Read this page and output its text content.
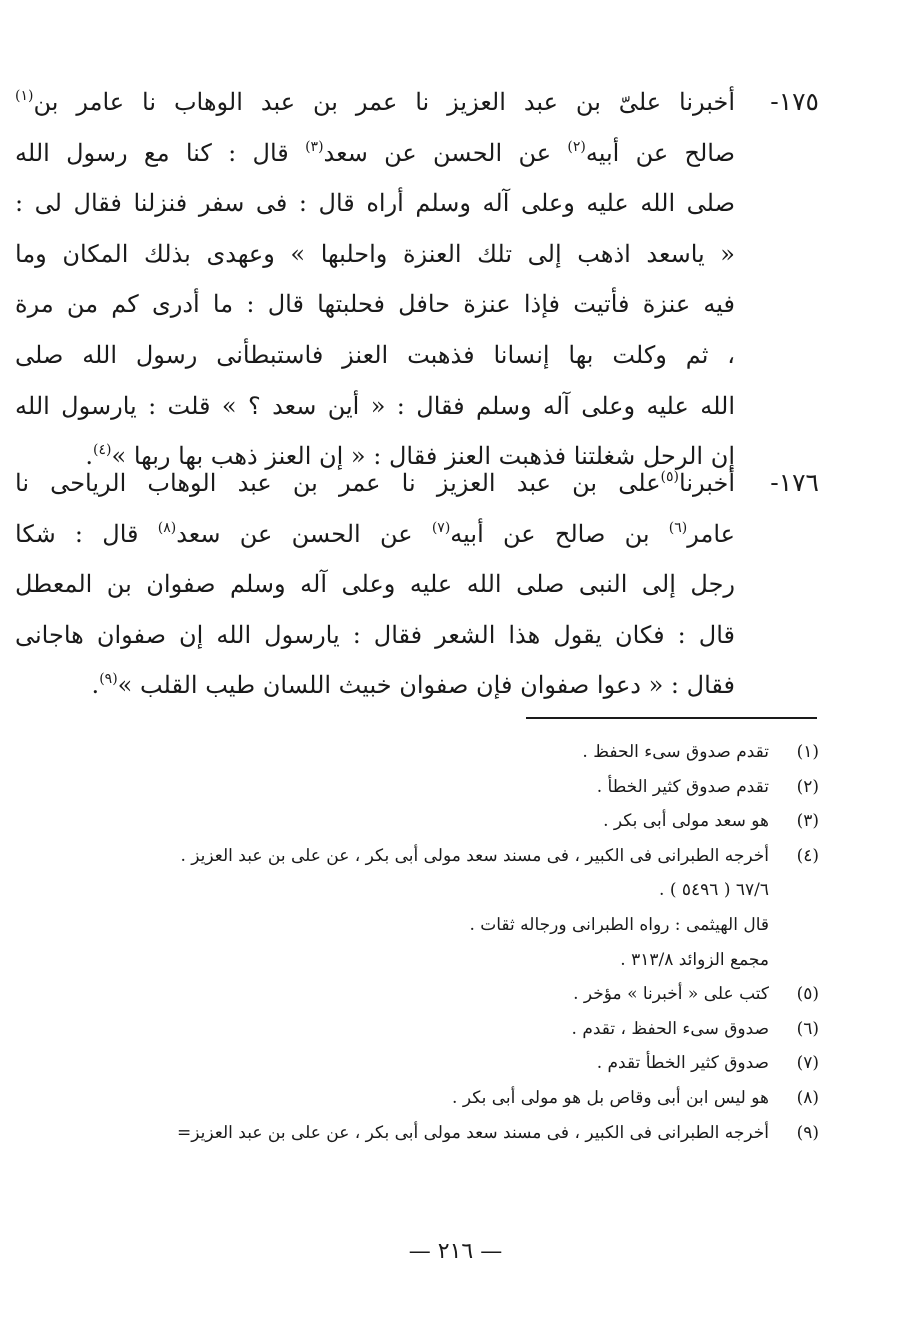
١٧٥-
أخبرنا علىّ بن عبد العزيز نا عمر بن عبد الوهاب نا عامر بن$^{(١)}$
صالح عن أبيه$^{(٢)}$ عن الحسن عن سعد$^{(٣)}$ قال : كنا مع رسول الله
صلى الله عليه وعلى آله وسلم أراه قال : فى سفر فنزلنا فقال لى :
« ياسعد اذهب إلى تلك العنزة واحلبها » وعهدى بذلك المكان وما
فيه عنزة فأتيت فإذا عنزة حافل فحلبتها قال : ما أدرى كم من مرة
، ثم وكلت بها إنسانا فذهبت العنز فاستبطأنى رسول الله صلى
الله عليه وعلى آله وسلم فقال : « أين سعد ؟ » قلت : يارسول الله
إن الرحل شغلتنا فذهبت العنز فقال : « إن العنز ذهب بها ربها »$^{(٤)}$.
١٧٦-
أخبرنا$^{(٥)}$على بن عبد العزيز نا عمر بن عبد الوهاب الرياحى نا
عامر$^{(٦)}$ بن صالح عن أبيه$^{(٧)}$ عن الحسن عن سعد$^{(٨)}$ قال : شكا
رجل إلى النبى صلى الله عليه وعلى آله وسلم صفوان بن المعطل
قال : فكان يقول هذا الشعر فقال : يارسول الله إن صفوان هاجانى
فقال : « دعوا صفوان فإن صفوان خبيث اللسان طيب القلب »$^{(٩)}$.
(١)
تقدم صدوق سىء الحفظ .
(٢)
تقدم صدوق كثير الخطأ .
(٣)
هو سعد مولى أبى بكر .
(٤)
أخرجه الطبرانى فى الكبير ، فى مسند سعد مولى أبى بكر ، عن على بن عبد العزيز .
٦٧/٦ ( ٥٤٩٦ ) .
قال الهيثمى : رواه الطبرانى ورجاله ثقات .
مجمع الزوائد ٣١٣/٨ .
(٥)
كتب على « أخبرنا » مؤخر .
(٦)
صدوق سىء الحفظ ، تقدم .
(٧)
صدوق كثير الخطأ تقدم .
(٨)
هو ليس ابن أبى وقاص بل هو مولى أبى بكر .
(٩)
أخرجه الطبرانى فى الكبير ، فى مسند سعد مولى أبى بكر ، عن على بن عبد العزيز=
— ٢١٦ —
